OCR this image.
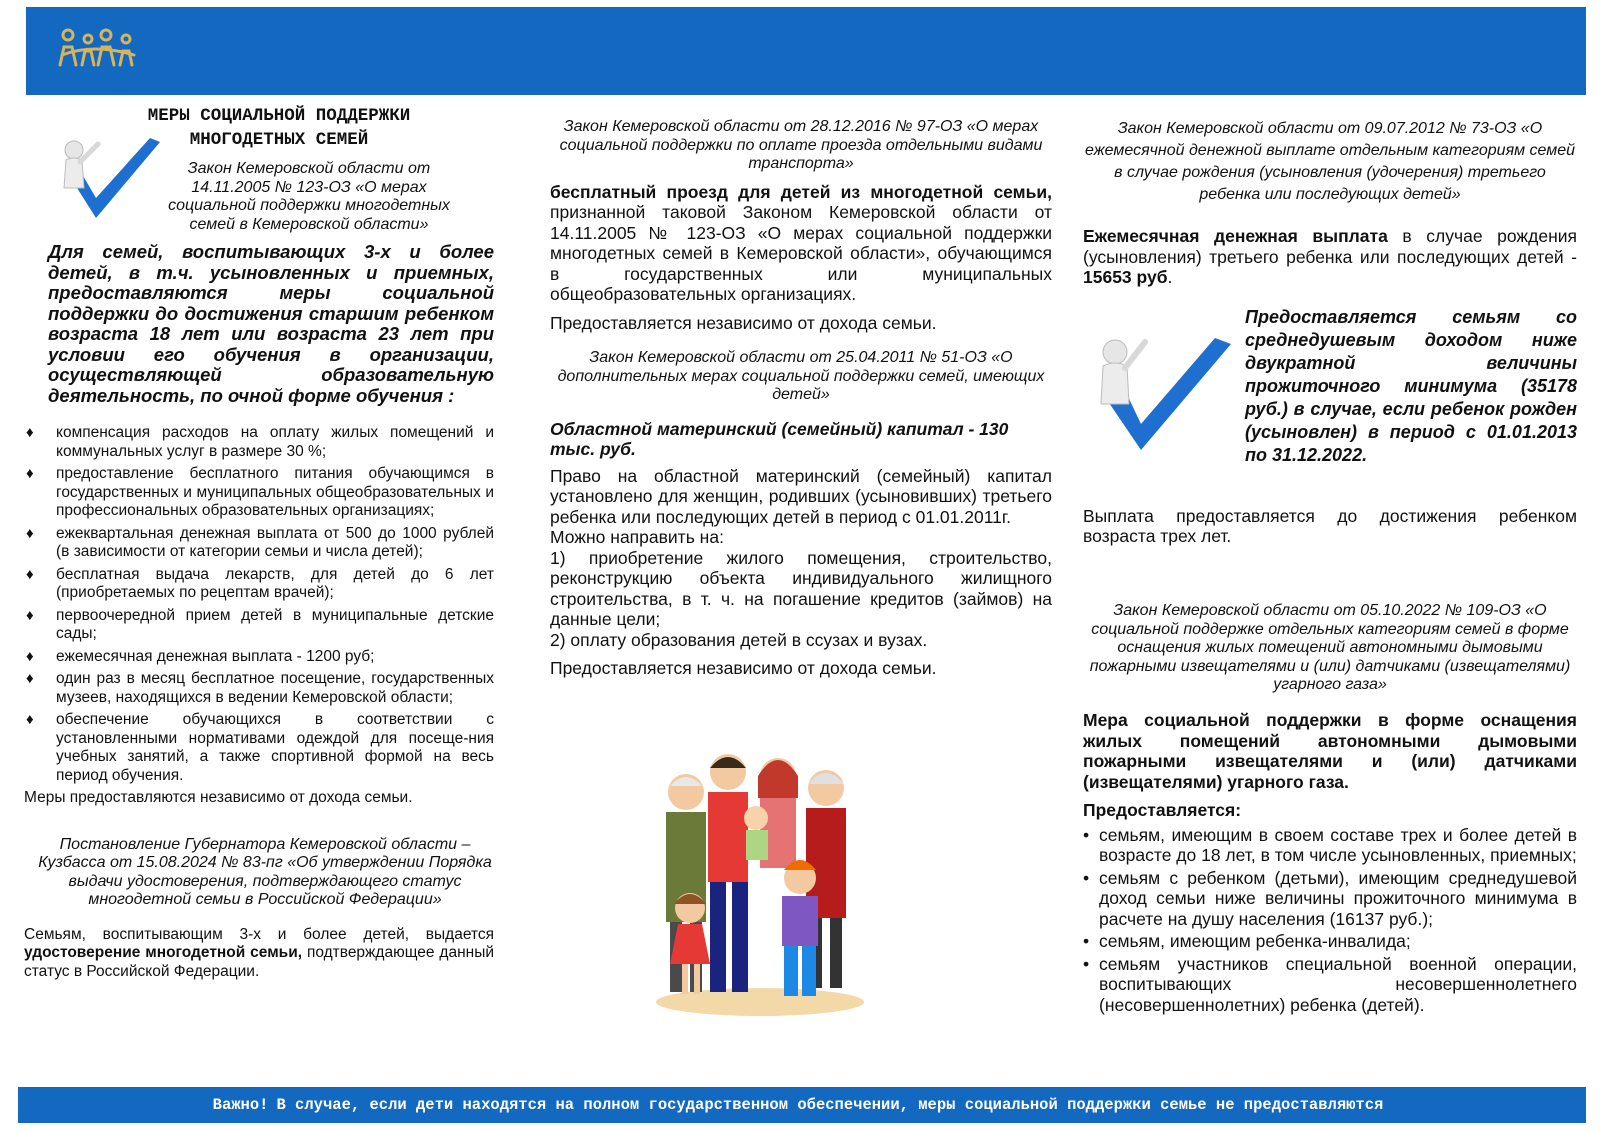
МЕРЫ СОЦИАЛЬНОЙ ПОДДЕРЖКИ
МНОГОДЕТНЫХ СЕМЕЙ
Закон Кемеровской области от 14.11.2005 № 123-ОЗ «О мерах социальной поддержки многодетных семей в Кемеровской области»
Для семей, воспитывающих 3-х и более детей, в т.ч. усыновленных и приемных, предоставляются меры социальной поддержки до достижения старшим ребенком возраста 18 лет или возраста 23 лет при условии его обучения в организации, осуществляющей образовательную деятельность, по очной форме обучения :
♦ компенсация расходов на оплату жилых помещений и коммунальных услуг в размере 30 %;
♦ предоставление бесплатного питания обучающимся в государственных и муниципальных общеобразовательных и профессиональных образовательных организациях;
♦ ежеквартальная денежная выплата от 500 до 1000 рублей (в зависимости от категории семьи и числа детей);
♦ бесплатная выдача лекарств, для детей до 6 лет (приобретаемых по рецептам врачей);
♦ первоочередной прием детей в муниципальные детские сады;
♦ ежемесячная денежная выплата - 1200 руб;
♦ один раз в месяц бесплатное посещение, государственных музеев, находящихся в ведении Кемеровской области;
♦ обеспечение обучающихся в соответствии с установленными нормативами одеждой для посеще-ния учебных занятий, а также спортивной формой на весь период обучения.
Меры предоставляются независимо от дохода семьи.
Постановление Губернатора Кемеровской области – Кузбасса от 15.08.2024 № 83-пг «Об утверждении Порядка выдачи удостоверения, подтверждающего статус многодетной семьи в Российской Федерации»
Семьям, воспитывающим 3-х и более детей, выдается удостоверение многодетной семьи, подтверждающее данный статус в Российской Федерации.
Закон Кемеровской области от 28.12.2016 № 97-ОЗ «О мерах социальной поддержки по оплате проезда отдельными видами транспорта»
бесплатный проезд для детей из многодетной семьи, признанной таковой Законом Кемеровской области от 14.11.2005 № 123-ОЗ «О мерах социальной поддержки многодетных семей в Кемеровской области», обучающимся в государственных или муниципальных общеобразовательных организациях.
Предоставляется независимо от дохода семьи.
Закон Кемеровской области от 25.04.2011 № 51-ОЗ «О дополнительных мерах социальной поддержки семей, имеющих детей»
Областной материнский (семейный) капитал - 130 тыс. руб.
Право на областной материнский (семейный) капитал установлено для женщин, родивших (усыновивших) третьего ребенка или последующих детей в период с 01.01.2011г.
Можно направить на:
1) приобретение жилого помещения, строительство, реконструкцию объекта индивидуального жилищного строительства, в т. ч. на погашение кредитов (займов) на данные цели;
2) оплату образования детей в ссузах и вузах.
Предоставляется независимо от дохода семьи.
Закон Кемеровской области от 09.07.2012 № 73-ОЗ «О ежемесячной денежной выплате отдельным категориям семей в случае рождения (усыновления (удочерения) третьего ребенка или последующих детей»
Ежемесячная денежная выплата в случае рождения (усыновления) третьего ребенка или последующих детей - 15653 руб.
Предоставляется семьям со среднедушевым доходом ниже двукратной величины прожиточного минимума (35178 руб.) в случае, если ребенок рожден (усыновлен) в период с 01.01.2013 по 31.12.2022.
Выплата предоставляется до достижения ребенком возраста трех лет.
Закон Кемеровской области от 05.10.2022 № 109-ОЗ «О социальной поддержке отдельных категориям семей в форме оснащения жилых помещений автономными дымовыми пожарными извещателями и (или) датчиками (извещателями) угарного газа»
Мера социальной поддержки в форме оснащения жилых помещений автономными дымовыми пожарными извещателями и (или) датчиками (извещателями) угарного газа.
Предоставляется:
• семьям, имеющим в своем составе трех и более детей в возрасте до 18 лет, в том числе усыновленных, приемных;
• семьям с ребенком (детьми), имеющим среднедушевой доход семьи ниже величины прожиточного минимума в расчете на душу населения (16137 руб.);
• семьям, имеющим ребенка-инвалида;
• семьям участников специальной военной операции, воспитывающих несовершеннолетнего (несовершеннолетних) ребенка (детей).
Важно! В случае, если дети находятся на полном государственном обеспечении, меры социальной поддержки семье не предоставляются
